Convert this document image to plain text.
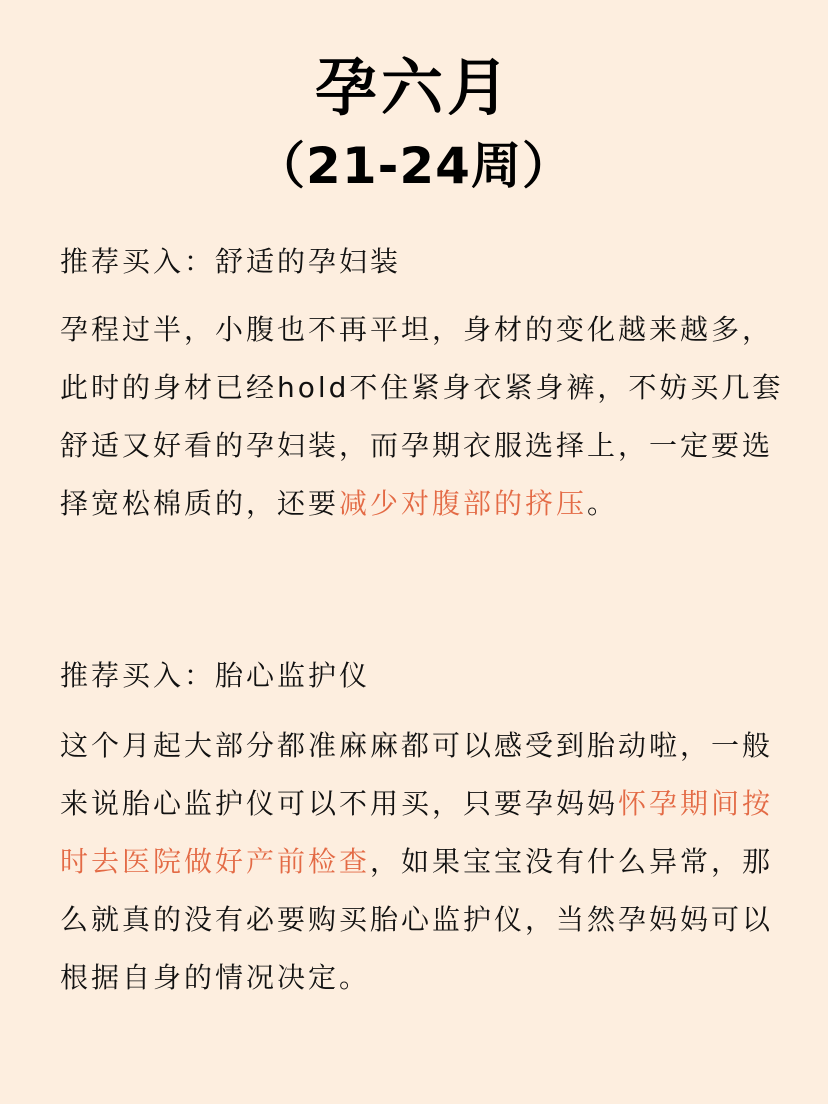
孕六月
（21-24周）
推荐买入：舒适的孕妇装
孕程过半，小腹也不再平坦，身材的变化越来越多，
此时的身材已经hold不住紧身衣紧身裤，不妨买几套
舒适又好看的孕妇装，而孕期衣服选择上，一定要选
择宽松棉质的，还要减少对腹部的挤压。
推荐买入：胎心监护仪
这个月起大部分都准麻麻都可以感受到胎动啦，一般
来说胎心监护仪可以不用买，只要孕妈妈怀孕期间按
时去医院做好产前检查，如果宝宝没有什么异常，那
么就真的没有必要购买胎心监护仪，当然孕妈妈可以
根据自身的情况决定。
